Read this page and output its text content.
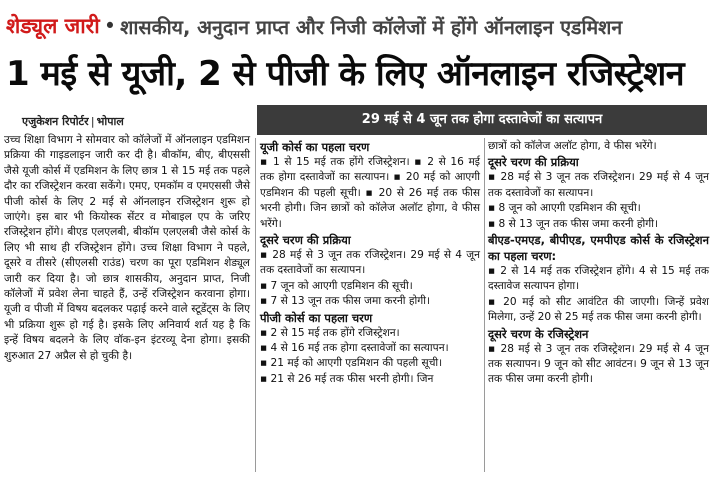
शेड्यूल जारी • शासकीय, अनुदान प्राप्त और निजी कॉलेजों में होंगे ऑनलाइन एडमिशन
1 मई से यूजी, 2 से पीजी के लिए ऑनलाइन रजिस्ट्रेशन
एजुकेशन रिपोर्टर | भोपाल	29 मई से 4 जून तक होगा दस्तावेजों का सत्यापन

उच्च शिक्षा विभाग ने सोमवार को कॉलेजों में ऑनलाइन एडमिशन प्रक्रिया की गाइडलाइन जारी कर दी है। बीकॉम, बीए, बीएससी जैसे यूजी कोर्स में एडमिशन के लिए छात्र 1 से 15 मई तक पहले दौर का रजिस्ट्रेशन करवा सकेंगे। एमए, एमकॉम व एमएससी जैसे पीजी कोर्स के लिए 2 मई से ऑनलाइन रजिस्ट्रेशन शुरू हो जाएंगे। इस बार भी कियोस्क सेंटर व मोबाइल एप के जरिए रजिस्ट्रेशन होंगे। बीएड एलएलबी, बीकॉम एलएलबी जैसे कोर्स के लिए भी साथ ही रजिस्ट्रेशन होंगे। उच्च शिक्षा विभाग ने पहले, दूसरे व तीसरे (सीएलसी राउंड) चरण का पूरा एडमिशन शेड्यूल जारी कर दिया है। जो छात्र शासकीय, अनुदान प्राप्त, निजी कॉलेजों में प्रवेश लेना चाहते हैं, उन्हें रजिस्ट्रेशन करवाना होगा। यूजी व पीजी में विषय बदलकर पढ़ाई करने वाले स्टूडेंट्स के लिए भी प्रक्रिया शुरू हो गई है। इसके लिए अनिवार्य शर्त यह है कि इन्हें विषय बदलने के लिए वॉक-इन इंटरव्यू देना होगा। इसकी शुरुआत 27 अप्रैल से हो चुकी है।

यूजी कोर्स का पहला चरण

▪ 1 से 15 मई तक होंगे रजिस्ट्रेशन। ▪ 2 से 16 मई तक होगा दस्तावेजों का सत्यापन। ▪ 20 मई को आएगी एडमिशन की पहली सूची। ▪ 20 से 26 मई तक फीस भरनी होगी। जिन छात्रों को कॉलेज अलॉट होगा, वे फीस भरेंगे।

दूसरे चरण की प्रक्रिया

▪ 28 मई से 3 जून तक रजिस्ट्रेशन। 29 मई से 4 जून तक दस्तावेजों का सत्यापन।

▪ 7 जून को आएगी एडमिशन की सूची।

▪ 7 से 13 जून तक फीस जमा करनी होगी।

पीजी कोर्स का पहला चरण

▪ 2 से 15 मई तक होंगे रजिस्ट्रेशन।

▪ 4 से 16 मई तक होगा दस्तावेजों का सत्यापन।

▪ 21 मई को आएगी एडमिशन की पहली सूची।

▪ 21 से 26 मई तक फीस भरनी होगी। जिन

छात्रों को कॉलेज अलॉट होगा, वे फीस भरेंगे।

दूसरे चरण की प्रक्रिया

▪ 28 मई से 3 जून तक रजिस्ट्रेशन। 29 मई से 4 जून तक दस्तावेजों का सत्यापन।

▪ 8 जून को आएगी एडमिशन की सूची।

▪ 8 से 13 जून तक फीस जमा करनी होगी।

बीएड-एमएड, बीपीएड, एमपीएड कोर्स के रजिस्ट्रेशन का पहला चरण:

▪ 2 से 14 मई तक रजिस्ट्रेशन होंगे। 4 से 15 मई तक दस्तावेज सत्यापन होगा।

▪ 20 मई को सीट आवंटित की जाएगी। जिन्हें प्रवेश मिलेगा, उन्हें 20 से 25 मई तक फीस जमा करनी होगी।

दूसरे चरण के रजिस्ट्रेशन

▪ 28 मई से 3 जून तक रजिस्ट्रेशन। 29 मई से 4 जून तक सत्यापन। 9 जून को सीट आवंटन। 9 जून से 13 जून तक फीस जमा करनी होगी।
